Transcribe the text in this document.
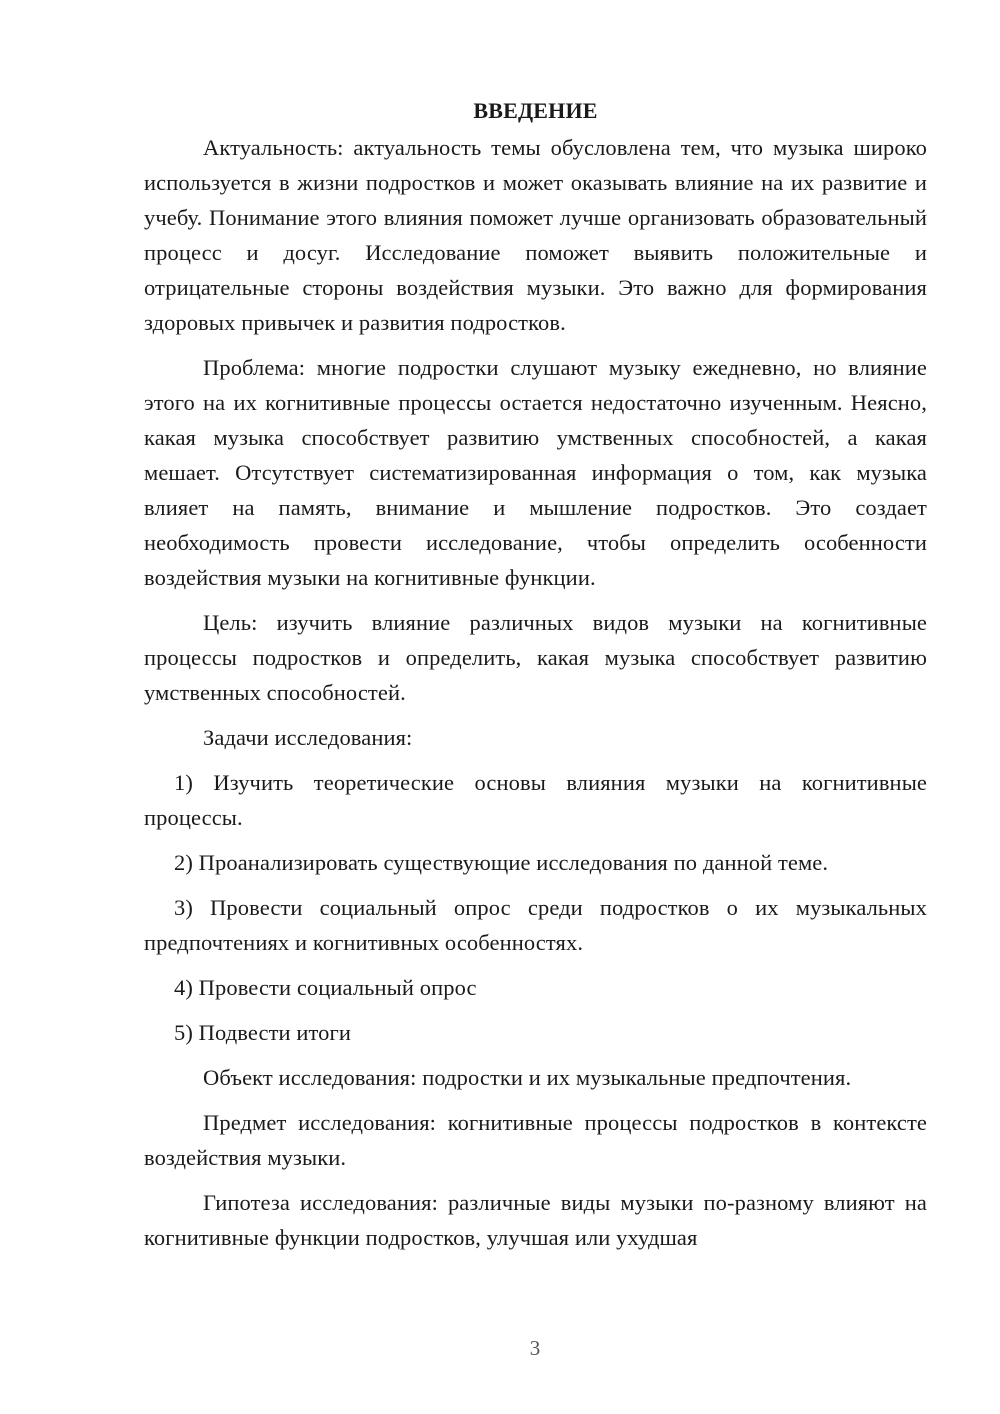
ВВЕДЕНИЕ

Актуальность: актуальность темы обусловлена тем, что музыка широко используется в жизни подростков и может оказывать влияние на их развитие и учебу. Понимание этого влияния поможет лучше организовать образовательный процесс и досуг. Исследование поможет выявить положительные и отрицательные стороны воздействия музыки. Это важно для формирования здоровых привычек и развития подростков.

Проблема: многие подростки слушают музыку ежедневно, но влияние этого на их когнитивные процессы остается недостаточно изученным. Неясно, какая музыка способствует развитию умственных способностей, а какая мешает. Отсутствует систематизированная информация о том, как музыка влияет на память, внимание и мышление подростков. Это создает необходимость провести исследование, чтобы определить особенности воздействия музыки на когнитивные функции.

Цель: изучить влияние различных видов музыки на когнитивные процессы подростков и определить, какая музыка способствует развитию умственных способностей.

Задачи исследования:

1) Изучить теоретические основы влияния музыки на когнитивные процессы.

2) Проанализировать существующие исследования по данной теме.

3) Провести социальный опрос среди подростков о их музыкальных предпочтениях и когнитивных особенностях.

4) Провести социальный опрос

5) Подвести итоги

Объект исследования: подростки и их музыкальные предпочтения.

Предмет исследования: когнитивные процессы подростков в контексте воздействия музыки.

Гипотеза исследования: различные виды музыки по-разному влияют на когнитивные функции подростков, улучшая или ухудшая

3
